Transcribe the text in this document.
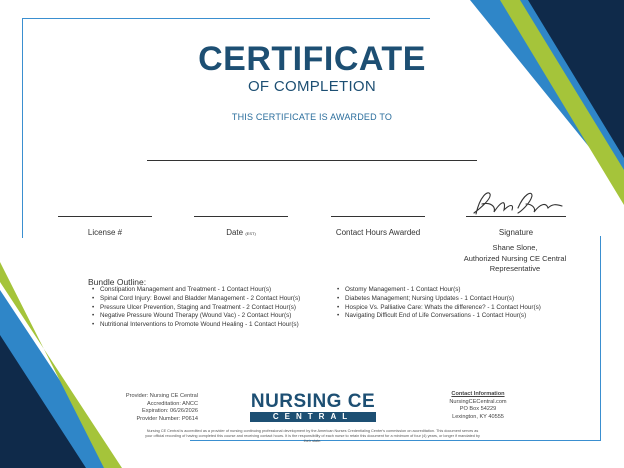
CERTIFICATE
OF COMPLETION
THIS CERTIFICATE IS AWARDED TO
License #	Date (EST)	Contact Hours Awarded	Signature
Shane Slone,
Authorized Nursing CE Central
Representative
Bundle Outline:
• Constipation Management and Treatment - 1 Contact Hour(s)
• Spinal Cord Injury: Bowel and Bladder Management - 2 Contact Hour(s)
• Pressure Ulcer Prevention, Staging and Treatment - 2 Contact Hour(s)
• Negative Pressure Wound Therapy (Wound Vac) - 2 Contact Hour(s)
• Nutritional Interventions to Promote Wound Healing - 1 Contact Hour(s)
• Ostomy Management - 1 Contact Hour(s)
• Diabetes Management; Nursing Updates - 1 Contact Hour(s)
• Hospice Vs. Palliative Care: Whats the difference? - 1 Contact Hour(s)
• Navigating Difficult End of Life Conversations - 1 Contact Hour(s)
Provider: Nursing CE Central
Accreditation: ANCC
Expiration: 06/26/2026
Provider Number: P0614
NURSING CE
CENTRAL
Contact Information
NursingCECentral.com
PO Box 54229
Lexington, KY 40555
Nursing CE Central is accredited as a provider of nursing continuing professional development by the American Nurses Credentialing Center's commission on accreditation. This document serves as your official recording of having completed this course and receiving contact hours. It is the responsibility of each nurse to retain this document for a minimum of four (4) years, or longer if mandated by their state.
